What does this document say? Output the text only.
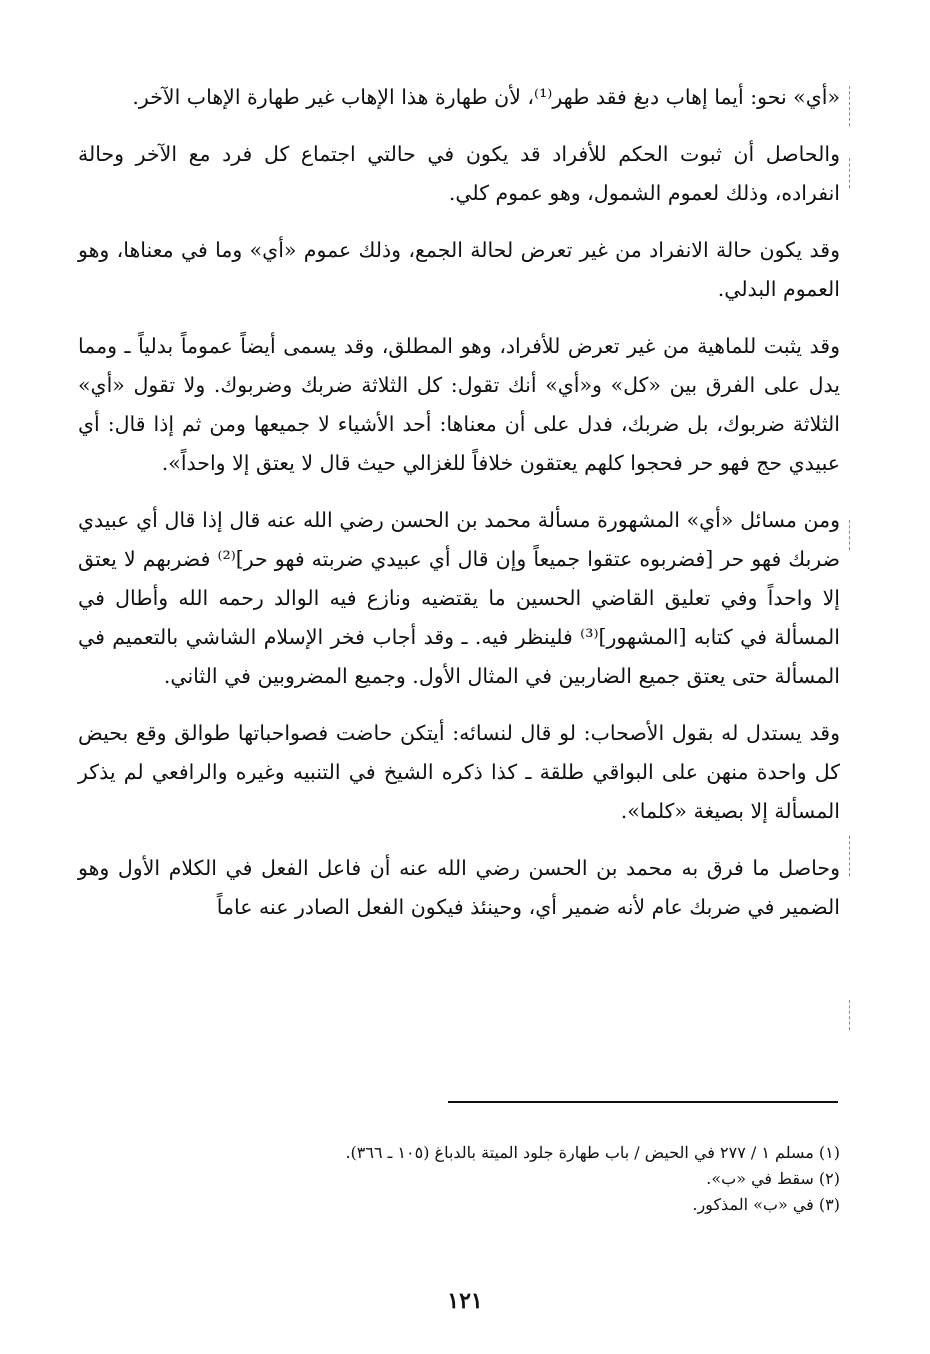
«أي» نحو: أيما إهاب دبغ فقد طهر⁽¹⁾، لأن طهارة هذا الإهاب غير طهارة الإهاب الآخر.

والحاصل أن ثبوت الحكم للأفراد قد يكون في حالتي اجتماع كل فرد مع الآخر وحالة انفراده، وذلك لعموم الشمول، وهو عموم كلي.

وقد يكون حالة الانفراد من غير تعرض لحالة الجمع، وذلك عموم «أي» وما في معناها، وهو العموم البدلي.

وقد يثبت للماهية من غير تعرض للأفراد، وهو المطلق، وقد يسمى أيضاً عموماً بدلياً ـ ومما يدل على الفرق بين «كل» و«أي» أنك تقول: كل الثلاثة ضربك وضربوك. ولا تقول «أي» الثلاثة ضربوك، بل ضربك، فدل على أن معناها: أحد الأشياء لا جميعها ومن ثم إذا قال: أي عبيدي حج فهو حر فحجوا كلهم يعتقون خلافاً للغزالي حيث قال لا يعتق إلا واحداً».

ومن مسائل «أي» المشهورة مسألة محمد بن الحسن رضي الله عنه قال إذا قال أي عبيدي ضربك فهو حر [فضربوه عتقوا جميعاً وإن قال أي عبيدي ضربته فهو حر]⁽²⁾ فضربهم لا يعتق إلا واحداً وفي تعليق القاضي الحسين ما يقتضيه ونازع فيه الوالد رحمه الله وأطال في المسألة في كتابه [المشهور]⁽³⁾ فلينظر فيه. ـ وقد أجاب فخر الإسلام الشاشي بالتعميم في المسألة حتى يعتق جميع الضاربين في المثال الأول. وجميع المضروبين في الثاني.

وقد يستدل له بقول الأصحاب: لو قال لنسائه: أيتكن حاضت فصواحباتها طوالق وقع بحيض كل واحدة منهن على البواقي طلقة ـ كذا ذكره الشيخ في التنبيه وغيره والرافعي لم يذكر المسألة إلا بصيغة «كلما».

وحاصل ما فرق به محمد بن الحسن رضي الله عنه أن فاعل الفعل في الكلام الأول وهو الضمير في ضربك عام لأنه ضمير أي، وحينئذ فيكون الفعل الصادر عنه عاماً

(١) مسلم ١ / ٢٧٧ في الحيض / باب طهارة جلود الميتة بالدباغ (١٠٥ ـ ٣٦٦).
(٢) سقط في «ب».
(٣) في «ب» المذكور.
١٢١
